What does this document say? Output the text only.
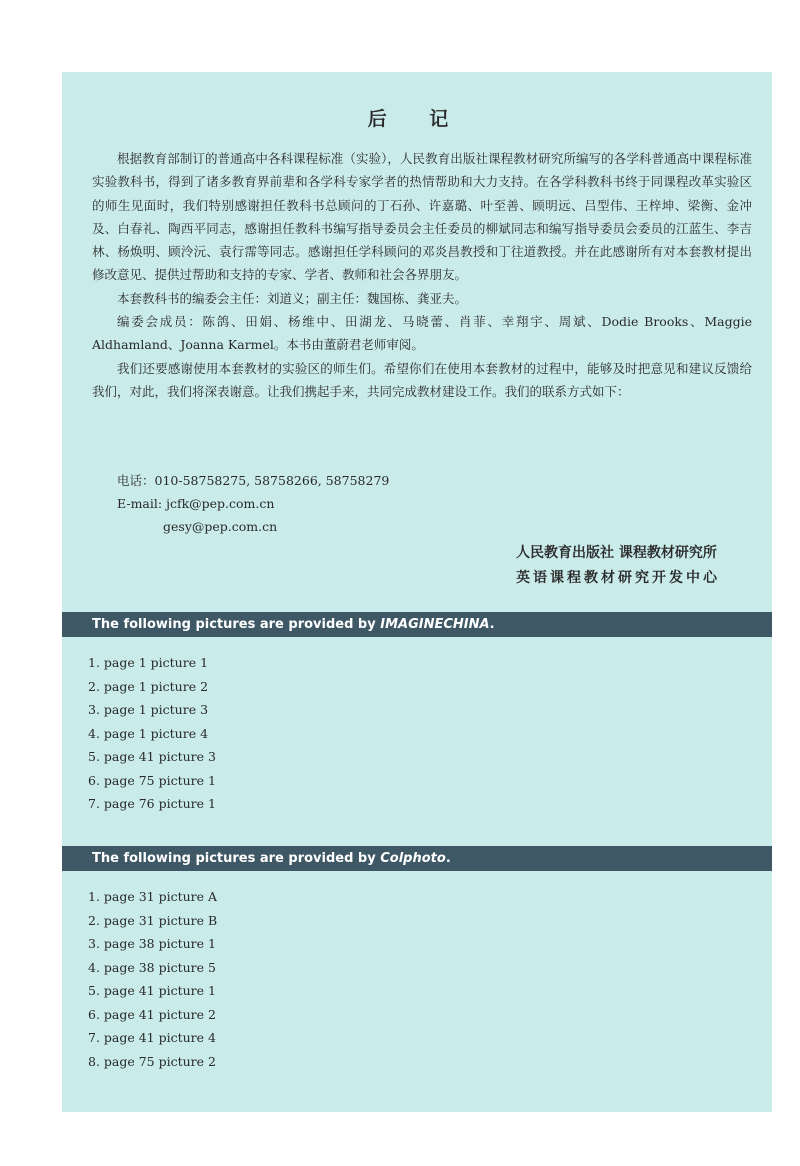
后 记

根据教育部制订的普通高中各科课程标准（实验），人民教育出版社课程教材研究所编写的各学科普通高中课程标准实验教科书，得到了诸多教育界前辈和各学科专家学者的热情帮助和大力支持。在各学科教科书终于同课程改革实验区的师生见面时，我们特别感谢担任教科书总顾问的丁石孙、许嘉璐、叶至善、顾明远、吕型伟、王梓坤、梁衡、金冲及、白春礼、陶西平同志，感谢担任教科书编写指导委员会主任委员的柳斌同志和编写指导委员会委员的江蓝生、李吉林、杨焕明、顾泠沅、袁行霈等同志。感谢担任学科顾问的邓炎昌教授和丁往道教授。并在此感谢所有对本套教材提出修改意见、提供过帮助和支持的专家、学者、教师和社会各界朋友。

本套教科书的编委会主任：刘道义；副主任：魏国栋、龚亚夫。

编委会成员：陈鸽、田娟、杨维中、田湖龙、马晓蕾、肖菲、幸翔宇、周斌、Dodie Brooks、Maggie Aldhamland、Joanna Karmel。本书由董蔚君老师审阅。

我们还要感谢使用本套教材的实验区的师生们。希望你们在使用本套教材的过程中，能够及时把意见和建议反馈给我们，对此，我们将深表谢意。让我们携起手来，共同完成教材建设工作。我们的联系方式如下：

电话：010-58758275, 58758266, 58758279
E-mail: jcfk@pep.com.cn
gesy@pep.com.cn
人民教育出版社 课程教材研究所
英语课程教材研究开发中心
The following pictures are provided by IMAGINECHINA.
1. page 1 picture 1
2. page 1 picture 2
3. page 1 picture 3
4. page 1 picture 4
5. page 41 picture 3
6. page 75 picture 1
7. page 76 picture 1
The following pictures are provided by Colphoto.
1. page 31 picture A
2. page 31 picture B
3. page 38 picture 1
4. page 38 picture 5
5. page 41 picture 1
6. page 41 picture 2
7. page 41 picture 4
8. page 75 picture 2
